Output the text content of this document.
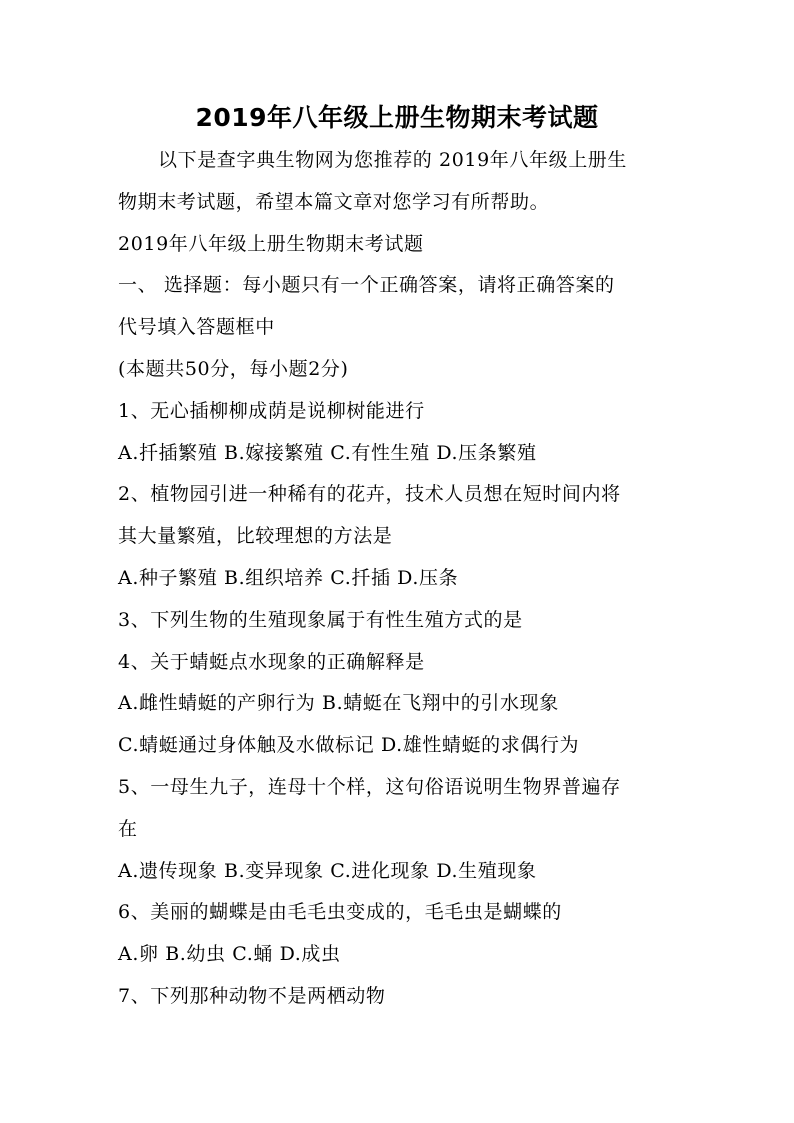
2019年八年级上册生物期末考试题
以下是查字典生物网为您推荐的 2019年八年级上册生
物期末考试题，希望本篇文章对您学习有所帮助。
2019年八年级上册生物期末考试题
一、 选择题：每小题只有一个正确答案，请将正确答案的
代号填入答题框中
(本题共50分，每小题2分)
1、无心插柳柳成荫是说柳树能进行
A.扦插繁殖 B.嫁接繁殖 C.有性生殖 D.压条繁殖
2、植物园引进一种稀有的花卉，技术人员想在短时间内将
其大量繁殖，比较理想的方法是
A.种子繁殖 B.组织培养 C.扦插 D.压条
3、下列生物的生殖现象属于有性生殖方式的是
4、关于蜻蜓点水现象的正确解释是
A.雌性蜻蜓的产卵行为 B.蜻蜓在飞翔中的引水现象
C.蜻蜓通过身体触及水做标记 D.雄性蜻蜓的求偶行为
5、一母生九子，连母十个样，这句俗语说明生物界普遍存
在
A.遗传现象 B.变异现象 C.进化现象 D.生殖现象
6、美丽的蝴蝶是由毛毛虫变成的，毛毛虫是蝴蝶的
A.卵 B.幼虫 C.蛹 D.成虫
7、下列那种动物不是两栖动物
